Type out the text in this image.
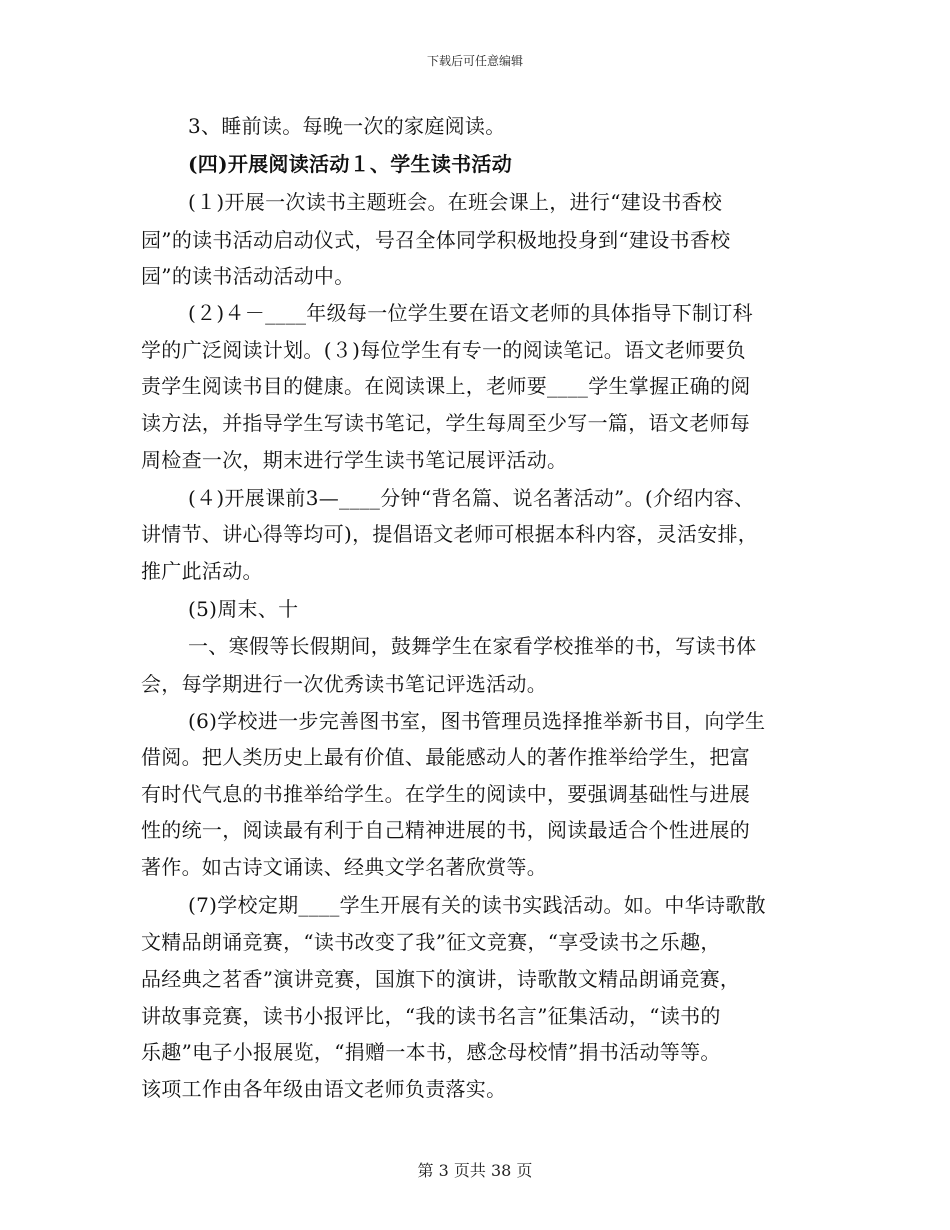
下载后可任意编辑
3、睡前读。每晚一次的家庭阅读。
(四)开展阅读活动１、学生读书活动
(１)开展一次读书主题班会。在班会课上，进行“建设书香校
园”的读书活动启动仪式，号召全体同学积极地投身到“建设书香校
园”的读书活动活动中。
(２)４－____年级每一位学生要在语文老师的具体指导下制订科
学的广泛阅读计划。(３)每位学生有专一的阅读笔记。语文老师要负
责学生阅读书目的健康。在阅读课上，老师要____学生掌握正确的阅
读方法，并指导学生写读书笔记，学生每周至少写一篇，语文老师每
周检查一次，期末进行学生读书笔记展评活动。
(４)开展课前3—____分钟“背名篇、说名著活动”。(介绍内容、
讲情节、讲心得等均可)，提倡语文老师可根据本科内容，灵活安排，
推广此活动。
(5)周末、十
一、寒假等长假期间，鼓舞学生在家看学校推举的书，写读书体
会，每学期进行一次优秀读书笔记评选活动。
(6)学校进一步完善图书室，图书管理员选择推举新书目，向学生
借阅。把人类历史上最有价值、最能感动人的著作推举给学生，把富
有时代气息的书推举给学生。在学生的阅读中，要强调基础性与进展
性的统一，阅读最有利于自己精神进展的书，阅读最适合个性进展的
著作。如古诗文诵读、经典文学名著欣赏等。
(7)学校定期____学生开展有关的读书实践活动。如。中华诗歌散
文精品朗诵竞赛，“读书改变了我”征文竞赛，“享受读书之乐趣，
品经典之茗香”演讲竞赛，国旗下的演讲，诗歌散文精品朗诵竞赛，
讲故事竞赛，读书小报评比，“我的读书名言”征集活动，“读书的
乐趣”电子小报展览，“捐赠一本书，感念母校情”捐书活动等等。
该项工作由各年级由语文老师负责落实。
第 3 页共 38 页
